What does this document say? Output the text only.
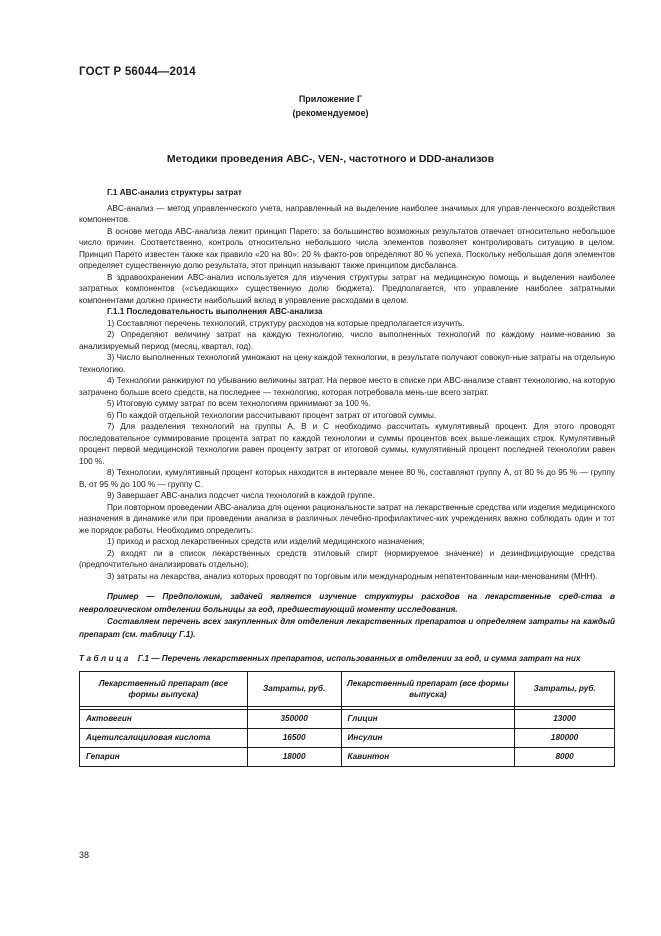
ГОСТ Р 56044—2014
Приложение Г
(рекомендуемое)
Методики проведения ABC-, VEN-, частотного и DDD-анализов

Г.1 ABC-анализ структуры затрат

ABC-анализ — метод управленческого учета, направленный на выделение наиболее значимых для управ-ленческого воздействия компонентов.

В основе метода ABC-анализа лежит принцип Парето: за большинство возможных результатов отвечает относительно небольшое число причин. Соответственно, контроль относительно небольшого числа элементов позволяет контролировать ситуацию в целом. Принцип Парето известен также как правило «20 на 80»: 20 % факто-ров определяют 80 % успеха. Поскольку небольшая доля элементов определяет существенную долю результата, этот принцип называют также принципом дисбаланса.

В здравоохранении ABC-анализ используется для изучения структуры затрат на медицинскую помощь и выделения наиболее затратных компонентов («съедающих» существенную долю бюджета). Предполагается, что управление наиболее затратными компонентами должно принести наибольший вклад в управление расходами в целом.

Г.1.1 Последовательность выполнения ABC-анализа

1) Составляют перечень технологий, структуру расходов на которые предполагается изучить.

2) Определяют величину затрат на каждую технологию, число выполненных технологий по каждому наиме-нованию за анализируемый период (месяц, квартал, год).

3) Число выполненных технологий умножают на цену каждой технологии, в результате получают совокуп-ные затраты на отдельную технологию.

4) Технологии ранжируют по убыванию величины затрат. На первое место в списке при ABC-анализе ставят технологию, на которую затрачено больше всего средств, на последнее — технологию, которая потребовала мень-ше всего затрат.

5) Итоговую сумму затрат по всем технологиям принимают за 100 %.

6) По каждой отдельной технологии рассчитывают процент затрат от итоговой суммы.

7) Для разделения технологий на группы А, В и С необходимо рассчитать кумулятивный процент. Для этого проводят последовательное суммирование процента затрат по каждой технологии и суммы процентов всех выше-лежащих строк. Кумулятивный процент первой медицинской технологии равен проценту затрат от итоговой суммы, кумулятивный процент последней технологии равен 100 %.

8) Технологии, кумулятивный процент которых находится в интервале менее 80 %, составляют группу А, от 80 % до 95 % — группу В, от 95 % до 100 % — группу С.

9) Завершает АВС-анализ подсчет числа технологий в каждой группе.

При повторном проведении АВС-анализа для оценки рациональности затрат на лекарственные средства или изделия медицинского назначения в динамике или при проведении анализа в различных лечебно-профилактичес-ких учреждениях важно соблюдать один и тот же порядок работы. Необходимо определить:

1) приход и расход лекарственных средств или изделий медицинского назначения;

2) входят ли в список лекарственных средств этиловый спирт (нормируемое значение) и дезинфицирующие средства (предпочтительно анализировать отдельно);

3) затраты на лекарства, анализ которых проводят по торговым или международным непатентованным наи-менованиям (МНН).

Пример — Предположим, задачей является изучение структуры расходов на лекарственные сред-ства в неврологическом отделении больницы за год, предшествующий моменту исследования.

Составляем перечень всех закупленных для отделения лекарственных препаратов и определяем затраты на каждый препарат (см. таблицу Г.1).

Таблица Г.1 — Перечень лекарственных препаратов, использованных в отделении за год, и сумма затрат на них

Лекарственный препарат (все формы выпуска)	Затраты, руб.	Лекарственный препарат (все формы выпуска)	Затраты, руб.

Актовегин	350000	Глицин	13000
Ацетилсалициловая кислота	16500	Инсулин	180000
Гепарин	18000	Кавинтон	8000
38
